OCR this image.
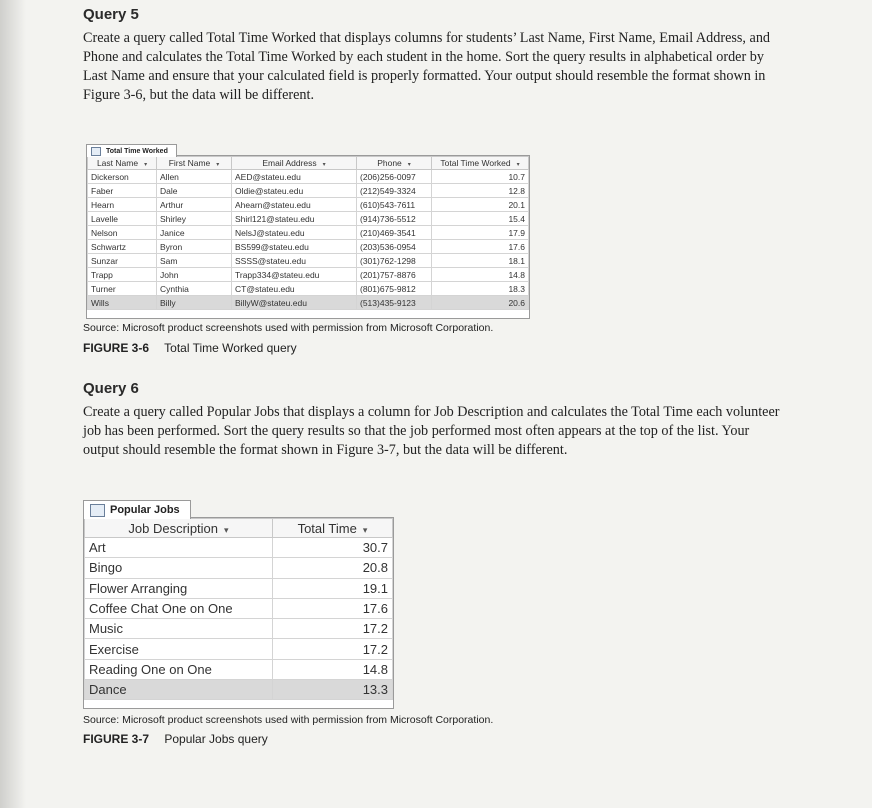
Query 5

Create a query called Total Time Worked that displays columns for students’ Last Name, First Name, Email Address, and Phone and calculates the Total Time Worked by each student in the home. Sort the query results in alphabetical order by Last Name and ensure that your calculated field is properly formatted. Your output should resemble the format shown in Figure 3-6, but the data will be different.

Total Time Worked
Last Name ▾	First Name ▾	Email Address ▾	Phone ▾	Total Time Worked ▾
Dickerson	Allen	AED@stateu.edu	(206)256-0097	10.7
Faber	Dale	Oldie@stateu.edu	(212)549-3324	12.8
Hearn	Arthur	Ahearn@stateu.edu	(610)543-7611	20.1
Lavelle	Shirley	Shirl121@stateu.edu	(914)736-5512	15.4
Nelson	Janice	NelsJ@stateu.edu	(210)469-3541	17.9
Schwartz	Byron	BS599@stateu.edu	(203)536-0954	17.6
Sunzar	Sam	SSSS@stateu.edu	(301)762-1298	18.1
Trapp	John	Trapp334@stateu.edu	(201)757-8876	14.8
Turner	Cynthia	CT@stateu.edu	(801)675-9812	18.3
Wills	Billy	BillyW@stateu.edu	(513)435-9123	20.6
Source: Microsoft product screenshots used with permission from Microsoft Corporation.
FIGURE 3-6 Total Time Worked query
Query 6

Create a query called Popular Jobs that displays a column for Job Description and calculates the Total Time each volunteer job has been performed. Sort the query results so that the job performed most often appears at the top of the list. Your output should resemble the format shown in Figure 3-7, but the data will be different.

Popular Jobs
Job Description ▾	Total Time ▾
Art	30.7
Bingo	20.8
Flower Arranging	19.1
Coffee Chat One on One	17.6
Music	17.2
Exercise	17.2
Reading One on One	14.8
Dance	13.3
Source: Microsoft product screenshots used with permission from Microsoft Corporation.
FIGURE 3-7 Popular Jobs query
